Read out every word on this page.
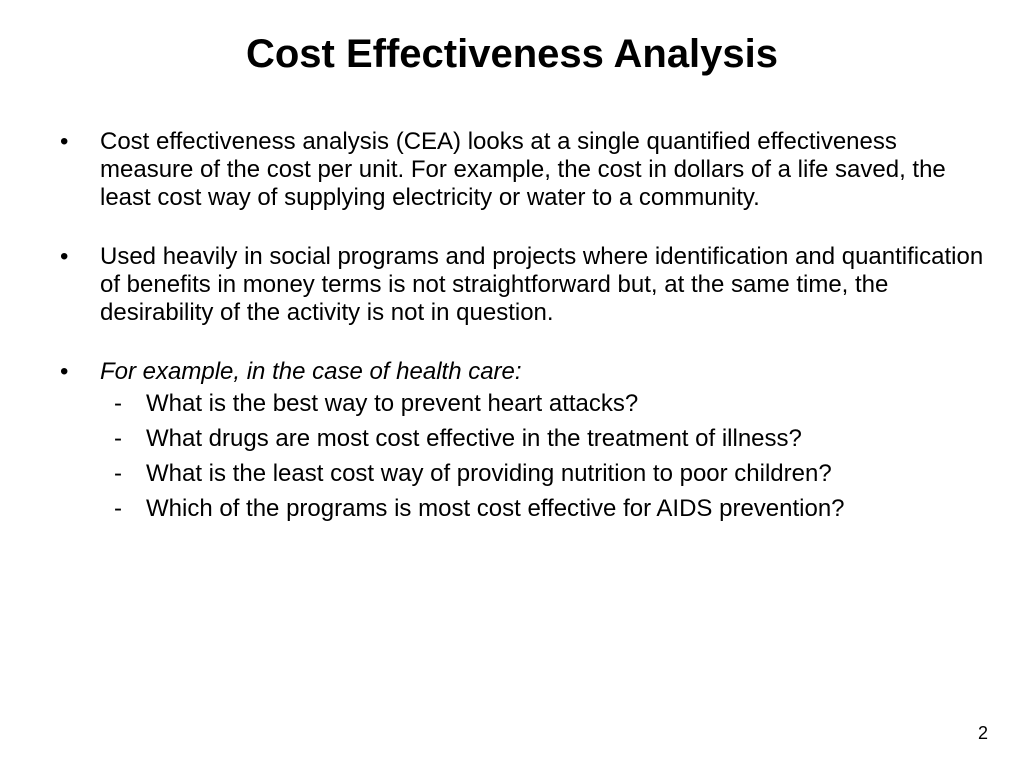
Cost Effectiveness Analysis
• Cost effectiveness analysis (CEA) looks at a single quantified effectiveness measure of the cost per unit. For example, the cost in dollars of a life saved, the least cost way of supplying electricity or water to a community.
• Used heavily in social programs and projects where identification and quantification of benefits in money terms is not straightforward but, at the same time, the desirability of the activity is not in question.
• For example, in the case of health care:
- What is the best way to prevent heart attacks?
- What drugs are most cost effective in the treatment of illness?
- What is the least cost way of providing nutrition to poor children?
- Which of the programs is most cost effective for AIDS prevention?
2
